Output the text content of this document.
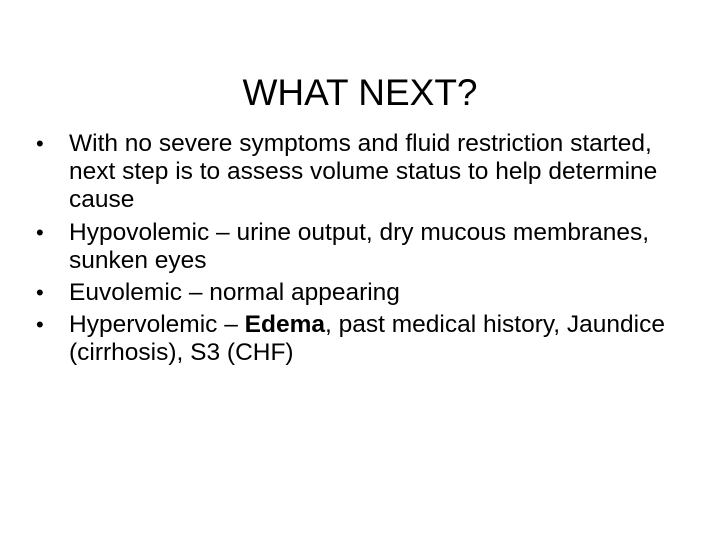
WHAT NEXT?
•	With no severe symptoms and fluid restriction started, next step is to assess volume status to help determine cause
•	Hypovolemic – urine output, dry mucous membranes, sunken eyes
•	Euvolemic – normal appearing
•	Hypervolemic – Edema, past medical history, Jaundice (cirrhosis), S3 (CHF)
